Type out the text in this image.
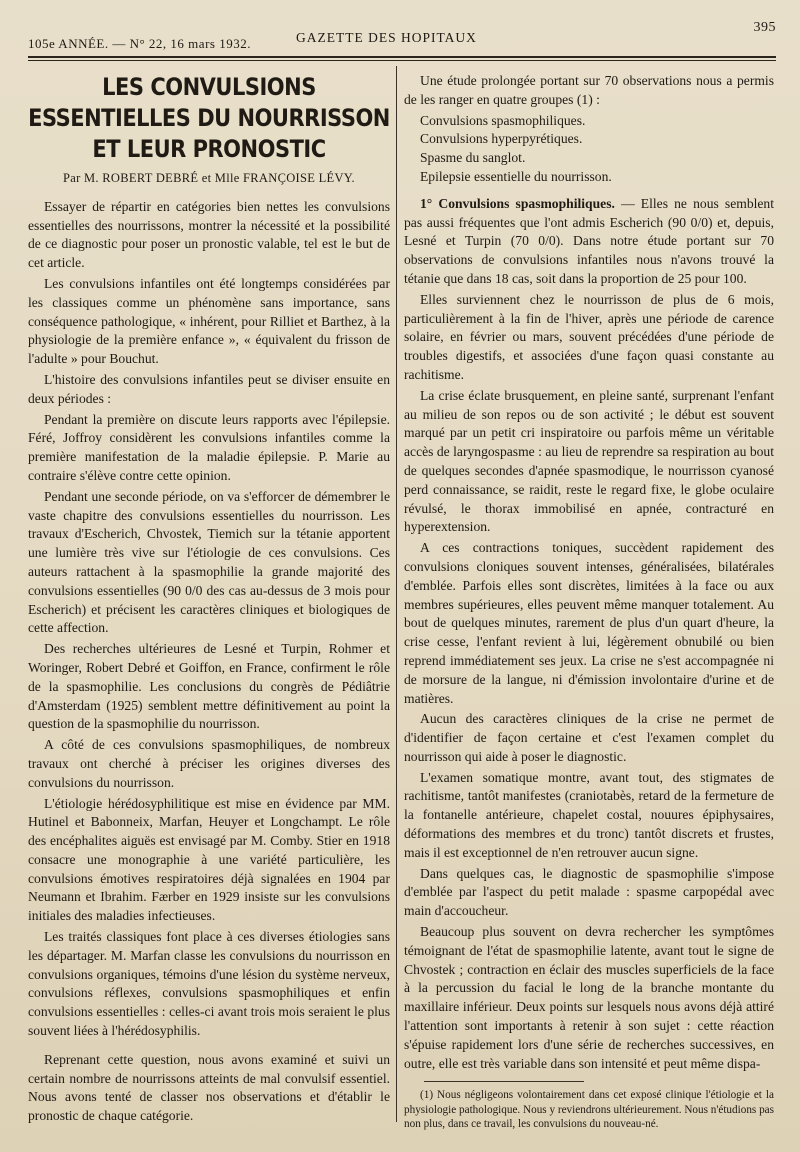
105e ANNÉE. — N° 22, 16 mars 1932.	GAZETTE DES HOPITAUX
395
LES CONVULSIONS ESSENTIELLES DU NOURRISSON
ET LEUR PRONOSTIC
Par M. ROBERT DEBRÉ et Mlle FRANÇOISE LÉVY.

Essayer de répartir en catégories bien nettes les convulsions essentielles des nourrissons, montrer la nécessité et la possibilité de ce diagnostic pour poser un pronostic valable, tel est le but de cet article.

Les convulsions infantiles ont été longtemps considérées par les classiques comme un phénomène sans importance, sans conséquence pathologique, « inhérent, pour Rilliet et Barthez, à la physiologie de la première enfance », « équivalent du frisson de l'adulte » pour Bouchut.

L'histoire des convulsions infantiles peut se diviser ensuite en deux périodes :

Pendant la première on discute leurs rapports avec l'épilepsie. Féré, Joffroy considèrent les convulsions infantiles comme la première manifestation de la maladie épilepsie. P. Marie au contraire s'élève contre cette opinion.

Pendant une seconde période, on va s'efforcer de démembrer le vaste chapitre des convulsions essentielles du nourrisson. Les travaux d'Escherich, Chvostek, Tiemich sur la tétanie apportent une lumière très vive sur l'étiologie de ces convulsions. Ces auteurs rattachent à la spasmophilie la grande majorité des convulsions essentielles (90 0/0 des cas au-dessus de 3 mois pour Escherich) et précisent les caractères cliniques et biologiques de cette affection.

Des recherches ultérieures de Lesné et Turpin, Rohmer et Woringer, Robert Debré et Goiffon, en France, confirment le rôle de la spasmophilie. Les conclusions du congrès de Pédiâtrie d'Amsterdam (1925) semblent mettre définitivement au point la question de la spasmophilie du nourrisson.

A côté de ces convulsions spasmophiliques, de nombreux travaux ont cherché à préciser les origines diverses des convulsions du nourrisson.

L'étiologie hérédosyphilitique est mise en évidence par MM. Hutinel et Babonneix, Marfan, Heuyer et Longchampt. Le rôle des encéphalites aiguës est envisagé par M. Comby. Stier en 1918 consacre une monographie à une variété particulière, les convulsions émotives respiratoires déjà signalées en 1904 par Neumann et Ibrahim. Færber en 1929 insiste sur les convulsions initiales des maladies infectieuses.

Les traités classiques font place à ces diverses étiologies sans les départager. M. Marfan classe les convulsions du nourrisson en convulsions organiques, témoins d'une lésion du système nerveux, convulsions réflexes, convulsions spasmophiliques et enfin convulsions essentielles : celles-ci avant trois mois seraient le plus souvent liées à l'hérédosyphilis.

Reprenant cette question, nous avons examiné et suivi un certain nombre de nourrissons atteints de mal convulsif essentiel. Nous avons tenté de classer nos observations et d'établir le pronostic de chaque catégorie.

Une étude prolongée portant sur 70 observations nous a permis de les ranger en quatre groupes (1) :

Convulsions spasmophiliques.
Convulsions hyperpyrétiques.
Spasme du sanglot.
Epilepsie essentielle du nourrisson.

1° Convulsions spasmophiliques. — Elles ne nous semblent pas aussi fréquentes que l'ont admis Escherich (90 0/0) et, depuis, Lesné et Turpin (70 0/0). Dans notre étude portant sur 70 observations de convulsions infantiles nous n'avons trouvé la tétanie que dans 18 cas, soit dans la proportion de 25 pour 100.

Elles surviennent chez le nourrisson de plus de 6 mois, particulièrement à la fin de l'hiver, après une période de carence solaire, en février ou mars, souvent précédées d'une période de troubles digestifs, et associées d'une façon quasi constante au rachitisme.

La crise éclate brusquement, en pleine santé, surprenant l'enfant au milieu de son repos ou de son activité ; le début est souvent marqué par un petit cri inspiratoire ou parfois même un véritable accès de laryngospasme : au lieu de reprendre sa respiration au bout de quelques secondes d'apnée spasmodique, le nourrisson cyanosé perd connaissance, se raidit, reste le regard fixe, le globe oculaire révulsé, le thorax immobilisé en apnée, contracturé en hyperextension.

A ces contractions toniques, succèdent rapidement des convulsions cloniques souvent intenses, généralisées, bilatérales d'emblée. Parfois elles sont discrètes, limitées à la face ou aux membres supérieures, elles peuvent même manquer totalement. Au bout de quelques minutes, rarement de plus d'un quart d'heure, la crise cesse, l'enfant revient à lui, légèrement obnubilé ou bien reprend immédiatement ses jeux. La crise ne s'est accompagnée ni de morsure de la langue, ni d'émission involontaire d'urine et de matières.

Aucun des caractères cliniques de la crise ne permet de d'identifier de façon certaine et c'est l'examen complet du nourrisson qui aide à poser le diagnostic.

L'examen somatique montre, avant tout, des stigmates de rachitisme, tantôt manifestes (craniotabès, retard de la fermeture de la fontanelle antérieure, chapelet costal, nouures épiphysaires, déformations des membres et du tronc) tantôt discrets et frustes, mais il est exceptionnel de n'en retrouver aucun signe.

Dans quelques cas, le diagnostic de spasmophilie s'impose d'emblée par l'aspect du petit malade : spasme carpopédal avec main d'accoucheur.

Beaucoup plus souvent on devra rechercher les symptômes témoignant de l'état de spasmophilie latente, avant tout le signe de Chvostek ; contraction en éclair des muscles superficiels de la face à la percussion du facial le long de la branche montante du maxillaire inférieur. Deux points sur lesquels nous avons déjà attiré l'attention sont importants à retenir à son sujet : cette réaction s'épuise rapidement lors d'une série de recherches successives, en outre, elle est très variable dans son intensité et peut même dispa-

(1) Nous négligeons volontairement dans cet exposé clinique l'étiologie et la physiologie pathologique. Nous y reviendrons ultérieurement. Nous n'étudions pas non plus, dans ce travail, les convulsions du nouveau-né.
